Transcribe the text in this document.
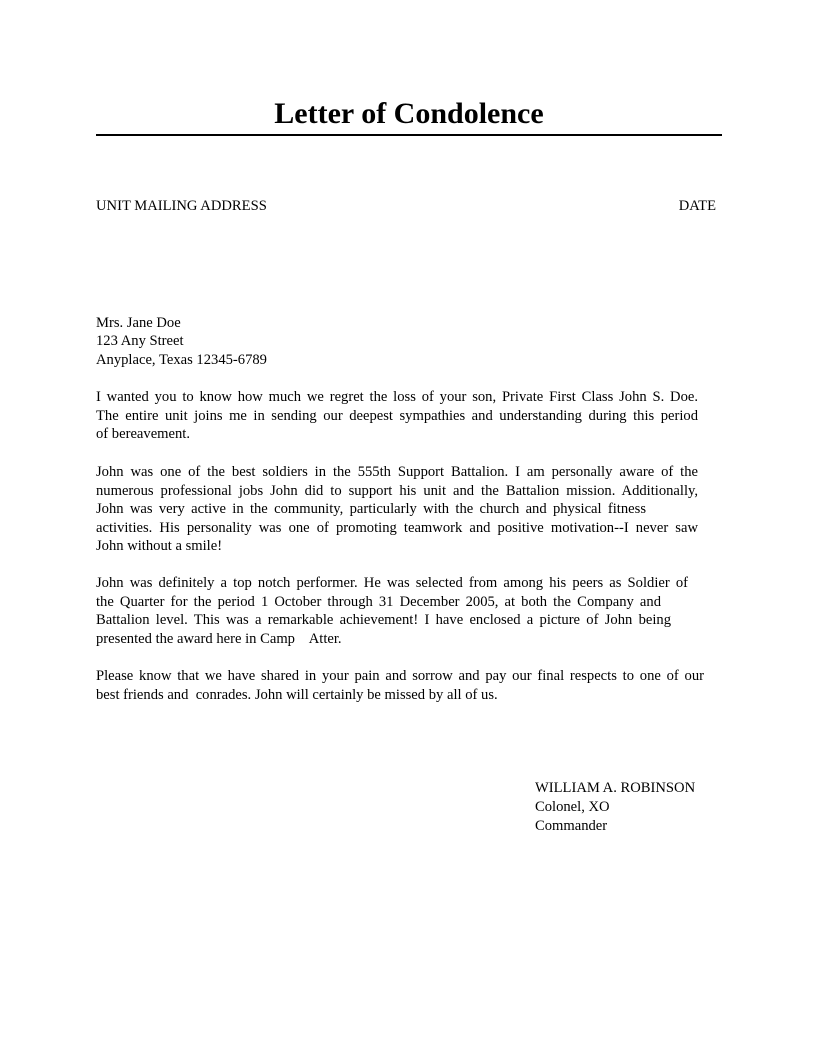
Letter of Condolence
UNIT MAILING ADDRESS	DATE
Mrs. Jane Doe
123 Any Street
Anyplace, Texas 12345-6789
I wanted you to know how much we regret the loss of your son, Private First Class John S. Doe.
The entire unit joins me in sending our deepest sympathies and understanding during this period
of bereavement.
John was one of the best soldiers in the 555th Support Battalion. I am personally aware of the
numerous professional jobs John did to support his unit and the Battalion mission. Additionally,
John was very active in the community, particularly with the church and physical fitness
activities. His personality was one of promoting teamwork and positive motivation--I never saw
John without a smile!
John was definitely a top notch performer. He was selected from among his peers as Soldier of
the Quarter for the period 1 October through 31 December 2005, at both the Company and
Battalion level. This was a remarkable achievement! I have enclosed a picture of John being
presented the award here in Camp    Atter.
Please know that we have shared in your pain and sorrow and pay our final respects to one of our
best friends and  conrades. John will certainly be missed by all of us.
WILLIAM A. ROBINSON
Colonel, XO
Commander
